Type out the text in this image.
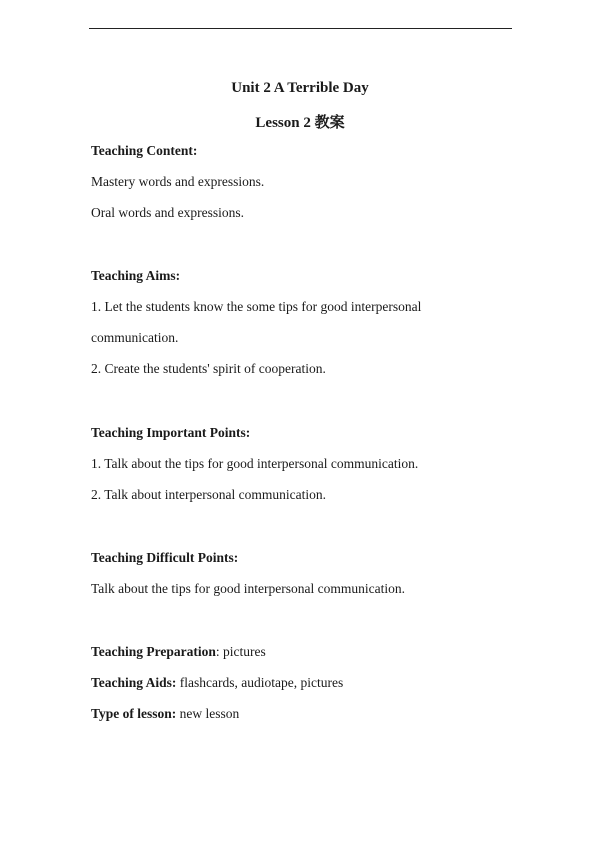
Unit 2 A Terrible Day
Lesson 2 教案
Teaching Content:
Mastery words and expressions.
Oral words and expressions.
Teaching Aims:
1. Let the students know the some tips for good interpersonal
communication.
2. Create the students' spirit of cooperation.
Teaching Important Points:
1. Talk about the tips for good interpersonal communication.
2. Talk about interpersonal communication.
Teaching Difficult Points:
Talk about the tips for good interpersonal communication.
Teaching Preparation: pictures
Teaching Aids: flashcards, audiotape, pictures
Type of lesson: new lesson
